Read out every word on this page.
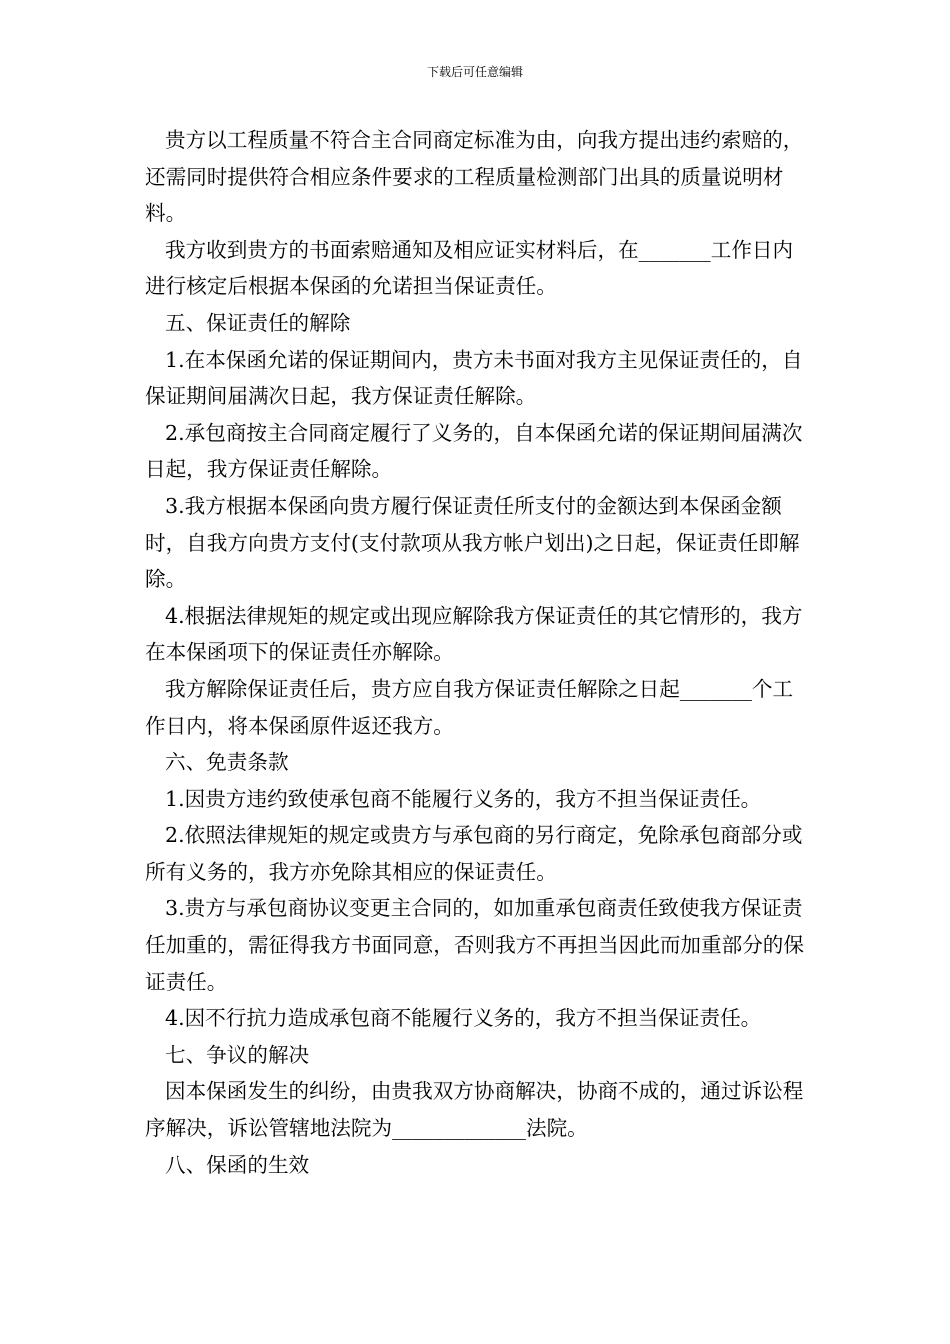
下载后可任意编辑

贵方以工程质量不符合主合同商定标准为由，向我方提出违约索赔的，还需同时提供符合相应条件要求的工程质量检测部门出具的质量说明材料。

我方收到贵方的书面索赔通知及相应证实材料后，在_______工作日内进行核定后根据本保函的允诺担当保证责任。

五、保证责任的解除

1.在本保函允诺的保证期间内，贵方未书面对我方主见保证责任的，自保证期间届满次日起，我方保证责任解除。

2.承包商按主合同商定履行了义务的，自本保函允诺的保证期间届满次日起，我方保证责任解除。

3.我方根据本保函向贵方履行保证责任所支付的金额达到本保函金额时，自我方向贵方支付(支付款项从我方帐户划出)之日起，保证责任即解除。

4.根据法律规矩的规定或出现应解除我方保证责任的其它情形的，我方在本保函项下的保证责任亦解除。

我方解除保证责任后，贵方应自我方保证责任解除之日起_______个工作日内，将本保函原件返还我方。

六、免责条款

1.因贵方违约致使承包商不能履行义务的，我方不担当保证责任。

2.依照法律规矩的规定或贵方与承包商的另行商定，免除承包商部分或所有义务的，我方亦免除其相应的保证责任。

3.贵方与承包商协议变更主合同的，如加重承包商责任致使我方保证责任加重的，需征得我方书面同意，否则我方不再担当因此而加重部分的保证责任。

4.因不行抗力造成承包商不能履行义务的，我方不担当保证责任。

七、争议的解决

因本保函发生的纠纷，由贵我双方协商解决，协商不成的，通过诉讼程序解决，诉讼管辖地法院为_____________法院。

八、保函的生效
